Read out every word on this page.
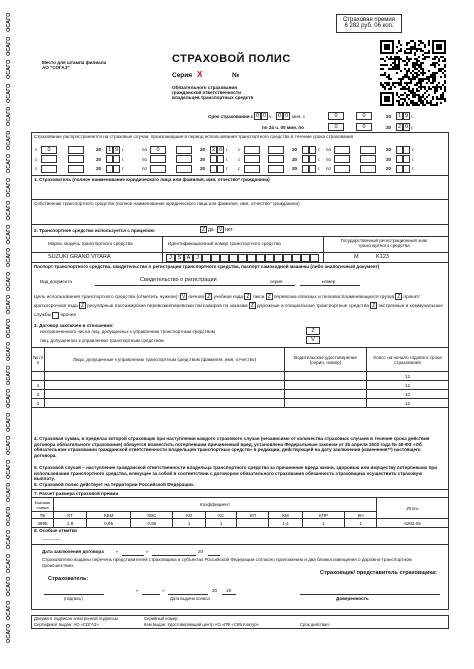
ОСАГО
ОСАГО
ОСАГО
ОСАГО
ОСАГО
ОСАГО
ОСАГО
ОСАГО
ОСАГО
ОСАГО
ОСАГО
ОСАГО
ОСАГО
ОСАГО
ОСАГО
ОСАГО
ОСАГО
ОСАГО
ОСАГО
ОСАГО
ОСАГО
ОСАГО
ОСАГО
ОСАГО
ОСАГО
ОСАГО
ОСАГО
Страховая премия
6 282 руб. 06 коп.
Место для штампа филиала
АО "СОГАЗ"
СТРАХОВОЙ ПОЛИС
Серия X	№
Обязательного страхования
гражданской ответственности
владельцев транспортных средств
Срок страхования с 0 0 ч. 0 0 мин. с	0	0	20	1 9 г.
по 24 ч. 00 мин. по	0	0	20	2 0 г.
Страхование распространяется на страховые случаи, произошедшие в период использования транспортного средства в течение срока страхования
с	0	20	1 9 г.	по	0	20	2 0 г. с	20	г. по	20	г.
с	20	г.	по	20	г. с	20	г. по	20	г.
с	20	г.	по	20	г. с	20	г. по	20	г.
1. Страхователь (полное наименование юридического лица или фамилия, имя, отчество* гражданина)
Собственник транспортного средства (полное наименование юридического лица или фамилия, имя, отчество* гражданина)
2. Транспортное средство используется с прицепом:	Z да V нет.
Марка, модель транспортного средства	Идентификационный номер транспортного средства
Государственный регистрационный знак транспортного средства
SUZUKI GRAND VITARA	J	S A	J	M	K123
Паспорт транспортного средства, свидетельство о регистрации транспортного средства, паспорт самоходной машины (либо аналогичный документ)
Вид документа	Свидетельство о регистрации	серия	номер
Цель использования транспортного средства (отметить нужное): V личная Z учебная езда Z такси Z перевозка опасных и легковоспламеняющихся грузов Z прокат/краткосрочная езда Z регулярные пассажирские перевозки/перевозки пассажиров по заказам Z дорожные и специальные транспортные средства Z экстренные и коммунальные службы прочее
3. Договор заключен в отношении:
неограниченного числа лиц, допущенных к управлению транспортным средством	Z
лиц, допущенных к управлению транспортным средством	V
№ п/п	Лица, допущенные к управлению транспортным средством (фамилия, имя, отчество)	Водительское удостоверение (серия, номер)	Класс на начало годового срока страхования
			12
1			12
2			10
3			12
4. Страховая сумма, в пределах которой страховщик при наступлении каждого страхового случая (независимо от количества страховых случаев в течение срока действия договора обязательного страхования) обязуется возместить потерпевшим причиненный вред, установлена Федеральным законом от 25 апреля 2002 года № 40-ФЗ «Об обязательном страховании гражданской ответственности владельцев транспортных средств» в редакции, действующей на дату заключения (изменения**) настоящего договора.
5. Страховой случай – наступление гражданской ответственности владельца транспортного средства за причинение вреда жизни, здоровью или имуществу потерпевших при использовании транспортного средства, влекущее за собой в соответствии с договором обязательного страхования обязанность страховщика осуществить страховую выплату.
6. Страховой полис действует на территории Российской Федерации.
7. Расчет размера страховой премии
Базовая ставка	Коэффициент									Итого
ТБ	КТ	КБМ	КВС	КО	КС	КП	КМ	КПР	КН	
3995	1,8	0,65	0,96	1	1		1,4	1	1	6282,06
8. Особые отметки
------------
Дата заключения договора	«	»	20
Страхователю выданы перечень представителей страховщика в субъектах Российской Федерации согласно приложению и два бланка извещения о дорожно-транспортном происшествии.
Страхователь:
Страховщик/ представитель страховщика:
(подпись)
«	»	20 19
Дата выдачи полиса	Доверенность
Документ подписан электронной подписью
Сертификат выдан: АО «СОГАЗ»
Серийный номер:
Кем выдан: Удостоверяющий центр АО «ПФ «СКБ Контур»	Срок действия:
